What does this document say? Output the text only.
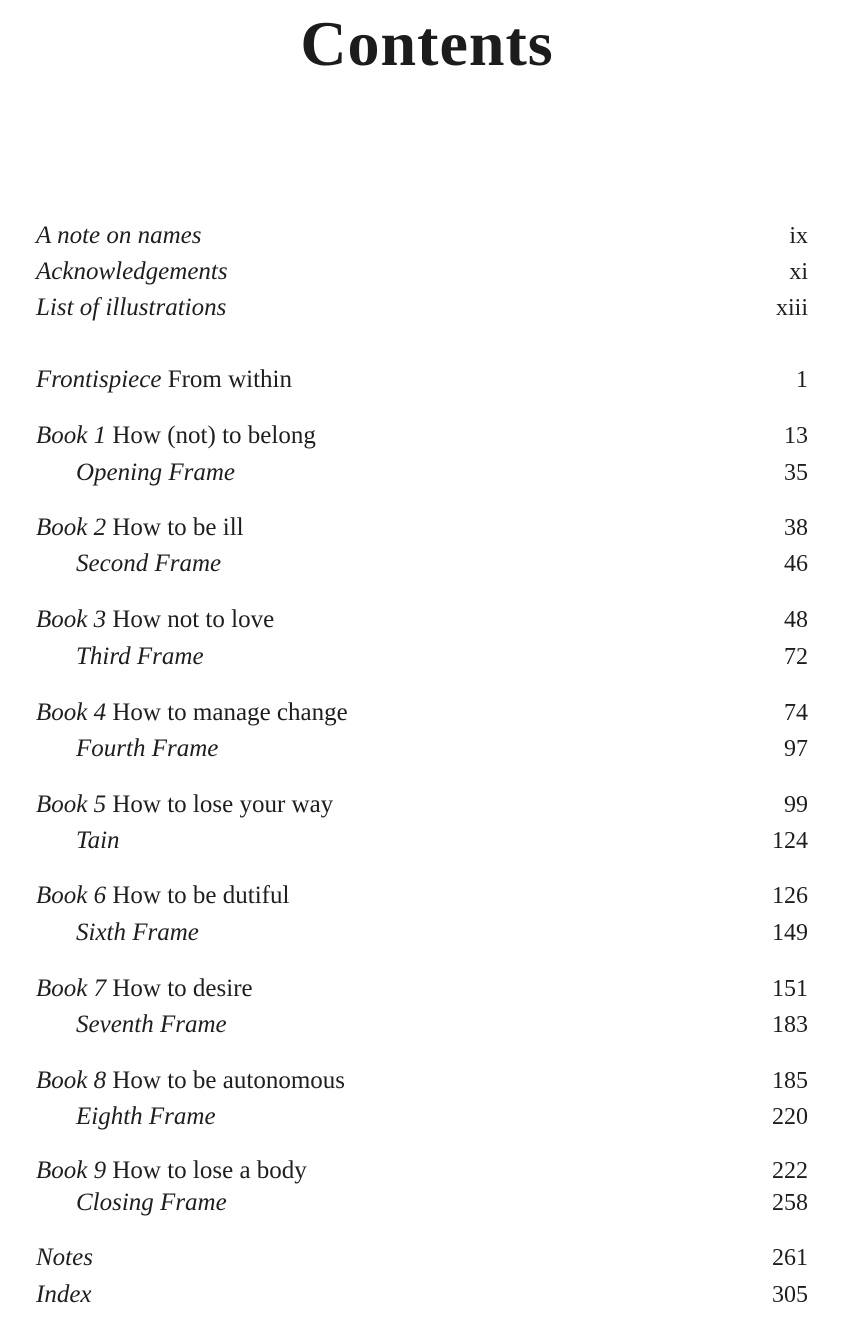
Contents
A note on names	ix
Acknowledgements	xi
List of illustrations	xiii
Frontispiece From within	1
Book 1 How (not) to belong	13
Opening Frame	35
Book 2 How to be ill	38
Second Frame	46
Book 3 How not to love	48
Third Frame	72
Book 4 How to manage change	74
Fourth Frame	97
Book 5 How to lose your way	99
Tain	124
Book 6 How to be dutiful	126
Sixth Frame	149
Book 7 How to desire	151
Seventh Frame	183
Book 8 How to be autonomous	185
Eighth Frame	220
Book 9 How to lose a body	222
Closing Frame	258
Notes	261
Index	305
